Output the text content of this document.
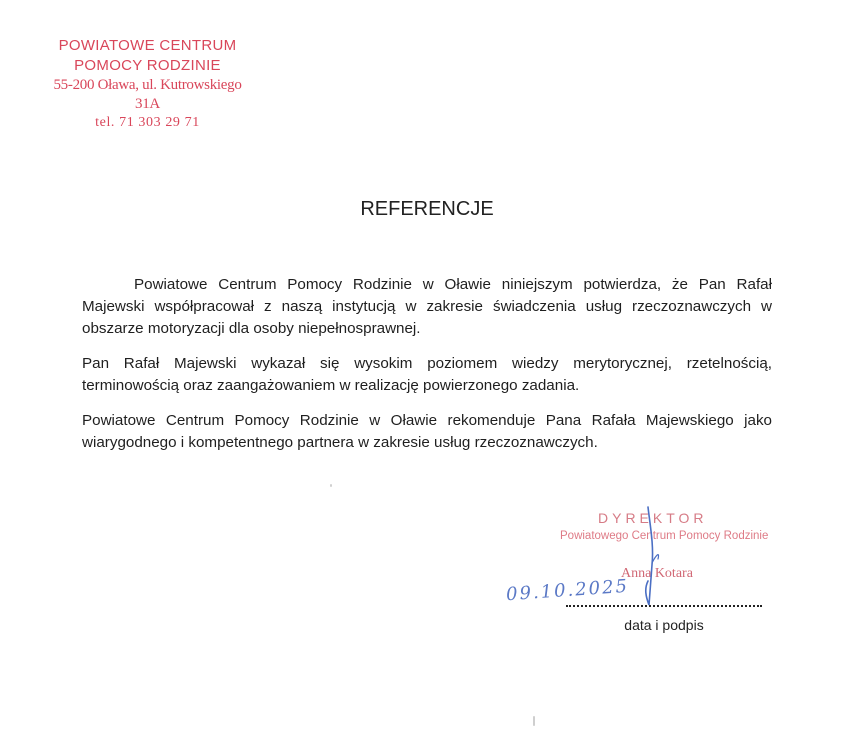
POWIATOWE CENTRUM
POMOCY RODZINIE
55-200 Oława, ul. Kutrowskiego 31A
tel. 71 303 29 71
REFERENCJE

Powiatowe Centrum Pomocy Rodzinie w Oławie niniejszym potwierdza, że Pan Rafał Majewski współpracował z naszą instytucją w zakresie świadczenia usług rzeczoznawczych w obszarze motoryzacji dla osoby niepełnosprawnej.

Pan Rafał Majewski wykazał się wysokim poziomem wiedzy merytorycznej, rzetelnością, terminowością oraz zaangażowaniem w realizację powierzonego zadania.

Powiatowe Centrum Pomocy Rodzinie w Oławie rekomenduje Pana Rafała Majewskiego jako wiarygodnego i kompetentnego partnera w zakresie usług rzeczoznawczych.

DYREKTOR
Powiatowego Centrum Pomocy Rodzinie
Anna Kotara
09.10.2025
data i podpis
